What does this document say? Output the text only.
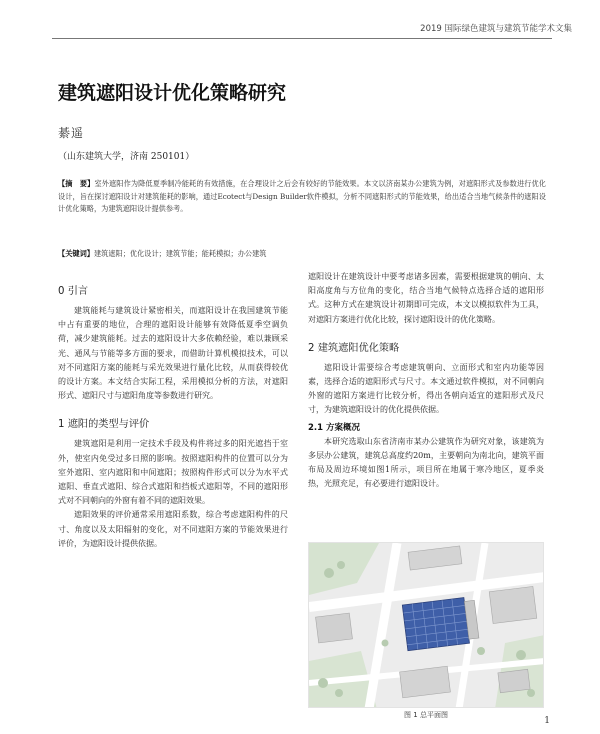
2019 国际绿色建筑与建筑节能学术文集
建筑遮阳设计优化策略研究
綦遥
（山东建筑大学，济南 250101）

【摘　要】室外遮阳作为降低夏季制冷能耗的有效措施，在合理设计之后会有较好的节能效果。本文以济南某办公建筑为例，对遮阳形式及参数进行优化设计，旨在探讨遮阳设计对建筑能耗的影响，通过Ecotect与Design Builder软件模拟，分析不同遮阳形式的节能效果，给出适合当地气候条件的遮阳设计优化策略，为建筑遮阳设计提供参考。

【关键词】建筑遮阳；优化设计；建筑节能；能耗模拟；办公建筑

0 引言

建筑能耗与建筑设计紧密相关，而遮阳设计在我国建筑节能中占有重要的地位，合理的遮阳设计能够有效降低夏季空调负荷，减少建筑能耗。过去的遮阳设计大多依赖经验，难以兼顾采光、通风与节能等多方面的要求，而借助计算机模拟技术，可以对不同遮阳方案的能耗与采光效果进行量化比较，从而获得较优的设计方案。本文结合实际工程，采用模拟分析的方法，对遮阳形式、遮阳尺寸与遮阳角度等参数进行研究。

1 遮阳的类型与评价

建筑遮阳是利用一定技术手段及构件将过多的阳光遮挡于室外，使室内免受过多日照的影响。按照遮阳构件的位置可以分为室外遮阳、室内遮阳和中间遮阳；按照构件形式可以分为水平式遮阳、垂直式遮阳、综合式遮阳和挡板式遮阳等，不同的遮阳形式对不同朝向的外窗有着不同的遮阳效果。

遮阳效果的评价通常采用遮阳系数，综合考虑遮阳构件的尺寸、角度以及太阳辐射的变化，对不同遮阳方案的节能效果进行评价，为遮阳设计提供依据。

遮阳设计在建筑设计中要考虑诸多因素，需要根据建筑的朝向、太阳高度角与方位角的变化，结合当地气候特点选择合适的遮阳形式。这种方式在建筑设计初期即可完成，本文以模拟软件为工具，对遮阳方案进行优化比较，探讨遮阳设计的优化策略。

2 建筑遮阳优化策略

遮阳设计需要综合考虑建筑朝向、立面形式和室内功能等因素，选择合适的遮阳形式与尺寸。本文通过软件模拟，对不同朝向外窗的遮阳方案进行比较分析，得出各朝向适宜的遮阳形式及尺寸，为建筑遮阳设计的优化提供依据。

2.1 方案概况

本研究选取山东省济南市某办公建筑作为研究对象，该建筑为多层办公建筑，建筑总高度约20m，主要朝向为南北向，建筑平面布局及周边环境如图1所示，项目所在地属于寒冷地区，夏季炎热，光照充足，有必要进行遮阳设计。

图 1 总平面图
1
